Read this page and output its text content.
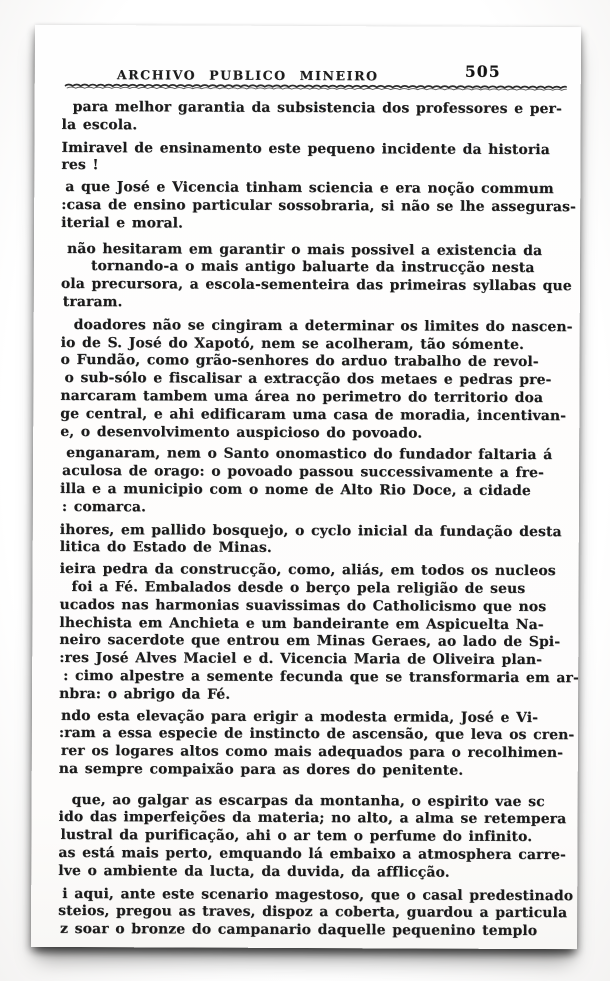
ARCHIVO PUBLICO MINEIRO	505

para melhor garantia da subsistencia dos professores e per-
la escola.

Imiravel de ensinamento este pequeno incidente da historia
res !

a que José e Vicencia tinham sciencia e era noção commum
:casa de ensino particular sossobraria, si não se lhe asseguras-
iterial e moral.

não hesitaram em garantir o mais possivel a existencia da
tornando-a o mais antigo baluarte da instrucção nesta
ola precursora, a escola-sementeira das primeiras syllabas que
traram.

doadores não se cingiram a determinar os limites do nascen-
io de S. José do Xapotó, nem se acolheram, tão sómente.
o Fundão, como grão-senhores do arduo trabalho de revol-
o sub-sólo e fiscalisar a extracção dos metaes e pedras pre-
narcaram tambem uma área no perimetro do territorio doa
ge central, e ahi edificaram uma casa de moradia, incentivan-
e, o desenvolvimento auspicioso do povoado.

enganaram, nem o Santo onomastico do fundador faltaria á
aculosa de orago: o povoado passou successivamente a fre-
illa e a municipio com o nome de Alto Rio Doce, a cidade
: comarca.

ihores, em pallido bosquejo, o cyclo inicial da fundação desta
litica do Estado de Minas.

ieira pedra da construcção, como, aliás, em todos os nucleos
foi a Fé. Embalados desde o berço pela religião de seus
ucados nas harmonias suavissimas do Catholicismo que nos
lhechista em Anchieta e um bandeirante em Aspicuelta Na-
neiro sacerdote que entrou em Minas Geraes, ao lado de Spi-
:res José Alves Maciel e d. Vicencia Maria de Oliveira plan-
: cimo alpestre a semente fecunda que se transformaria em ar-
nbra: o abrigo da Fé.

ndo esta elevação para erigir a modesta ermida, José e Vi-
:ram a essa especie de instincto de ascensão, que leva os cren-
rer os logares altos como mais adequados para o recolhimen-
na sempre compaixão para as dores do penitente.

que, ao galgar as escarpas da montanha, o espirito vae sc
ido das imperfeições da materia; no alto, a alma se retempera
lustral da purificação, ahi o ar tem o perfume do infinito.
as está mais perto, emquando lá embaixo a atmosphera carre-
lve o ambiente da lucta, da duvida, da afflicção.

i aqui, ante este scenario magestoso, que o casal predestinado
steios, pregou as traves, dispoz a coberta, guardou a particula
z soar o bronze do campanario daquelle pequenino templo
